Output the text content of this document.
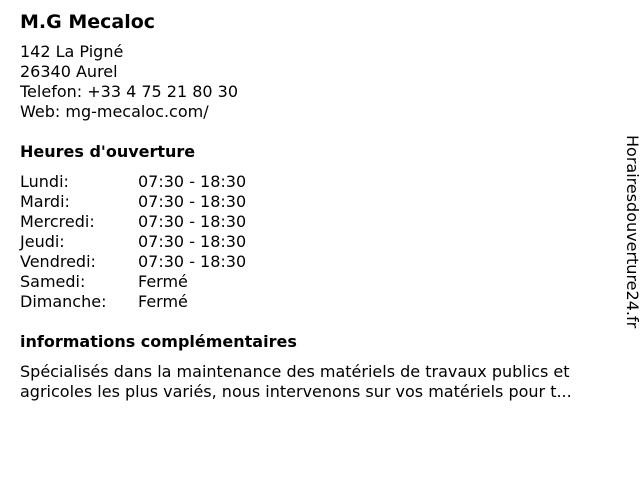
M.G Mecaloc
142 La Pigné
26340 Aurel
Telefon: +33 4 75 21 80 30
Web: mg-mecaloc.com/
Heures d'ouverture
Lundi:	07:30 - 18:30
Mardi:	07:30 - 18:30
Mercredi:	07:30 - 18:30
Jeudi:	07:30 - 18:30
Vendredi:	07:30 - 18:30
Samedi:	Fermé
Dimanche:	Fermé
informations complémentaires
Spécialisés dans la maintenance des matériels de travaux publics et agricoles les plus variés, nous intervenons sur vos matériels pour t...
Horairesdouverture24.fr
